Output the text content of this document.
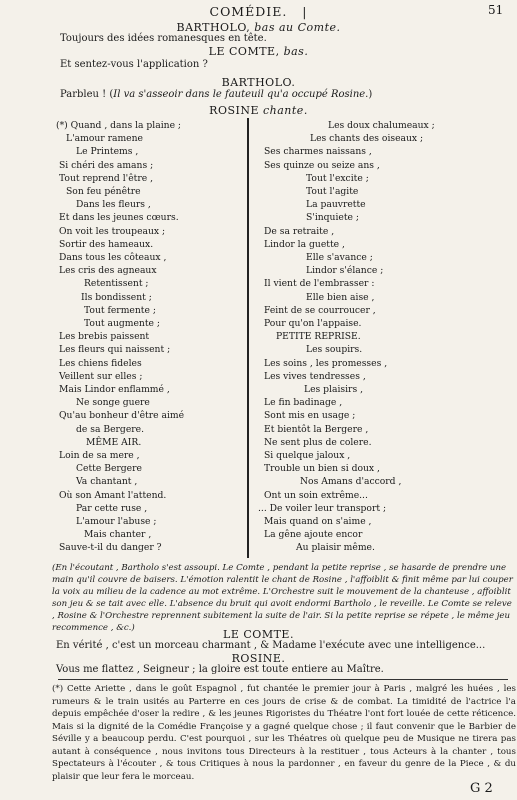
COMÉDIE. |	51
BARTHOLO, bas au Comte.
Toujours des idées romanesques en tête.
LE COMTE, bas.
Et sentez-vous l'application ?
BARTHOLO.
Parbleu ! (Il va s'asseoir dans le fauteuil qu'a occupé Rosine.)
ROSINE chante.
(*) Quand , dans la plaine ;
L'amour ramene
Le Printems ,
Si chéri des amans ;
Tout reprend l'être ,
Son feu pénêtre
Dans les fleurs ,
Et dans les jeunes cœurs.
On voit les troupeaux ;
Sortir des hameaux.
Dans tous les côteaux ,
Les cris des agneaux
Retentissent ;
Ils bondissent ;
Tout fermente ;
Tout augmente ;
Les brebis paissent
Les fleurs qui naissent ;
Les chiens fideles
Veillent sur elles ;
Mais Lindor enflammé ,
Ne songe guere
Qu'au bonheur d'être aimé
de sa Bergere.
MÊME AIR.
Loin de sa mere ,
Cette Bergere
Va chantant ,
Où son Amant l'attend.
Par cette ruse ,
L'amour l'abuse ;
Mais chanter ,
Sauve-t-il du danger ?
Les doux chalumeaux ;
Les chants des oiseaux ;
Ses charmes naissans ,
Ses quinze ou seize ans ,
Tout l'excite ;
Tout l'agite
La pauvrette
S'inquiete ;
De sa retraite ,
Lindor la guette ,
Elle s'avance ;
Lindor s'élance ;
Il vient de l'embrasser :
Elle bien aise ,
Feint de se courroucer ,
Pour qu'on l'appaise.
PETITE REPRISE.
Les soupirs.
Les soins , les promesses ,
Les vives tendresses ,
Les plaisirs ,
Le fin badinage ,
Sont mis en usage ;
Et bientôt la Bergere ,
Ne sent plus de colere.
Si quelque jaloux ,
Trouble un bien si doux ,
Nos Amans d'accord ,
Ont un soin extrême...
... De voiler leur transport ;
Mais quand on s'aime ,
La gêne ajoute encor
Au plaisir même.
(En l'écoutant , Bartholo s'est assoupi. Le Comte , pendant la petite reprise , se hasarde de prendre une main qu'il couvre de baisers. L'émotion ralentit le chant de Rosine , l'affoiblit & finit même par lui couper la voix au milieu de la cadence au mot extrême. L'Orchestre suit le mouvement de la chanteuse , affoiblit son jeu & se tait avec elle. L'absence du bruit qui avoit endormi Bartholo , le reveille. Le Comte se releve , Rosine & l'Orchestre reprennent subitement la suite de l'air. Si la petite reprise se répete , le même jeu recommence , &c.)	LE COMTE.
En vérité , c'est un morceau charmant , & Madame l'exécute avec une intelligence...
ROSINE.
Vous me flattez , Seigneur ; la gloire est toute entiere au Maître.
(*) Cette Ariette , dans le goût Espagnol , fut chantée le premier jour à Paris , malgré les huées , les rumeurs & le train usités au Parterre en ces jours de crise & de combat. La timidité de l'actrice l'a depuis empêchée d'oser la redire , & les jeunes Rigoristes du Théatre l'ont fort louée de cette réticence. Mais si la dignité de la Comédie Françoise y a gagné quelque chose ; il faut convenir que le Barbier de Séville y a beaucoup perdu. C'est pourquoi , sur les Théatres où quelque peu de Musique ne tirera pas autant à conséquence , nous invitons tous Directeurs à la restituer , tous Acteurs à la chanter , tous Spectateurs à l'écouter , & tous Critiques à nous la pardonner , en faveur du genre de la Piece , & du plaisir que leur fera le morceau.
G 2
